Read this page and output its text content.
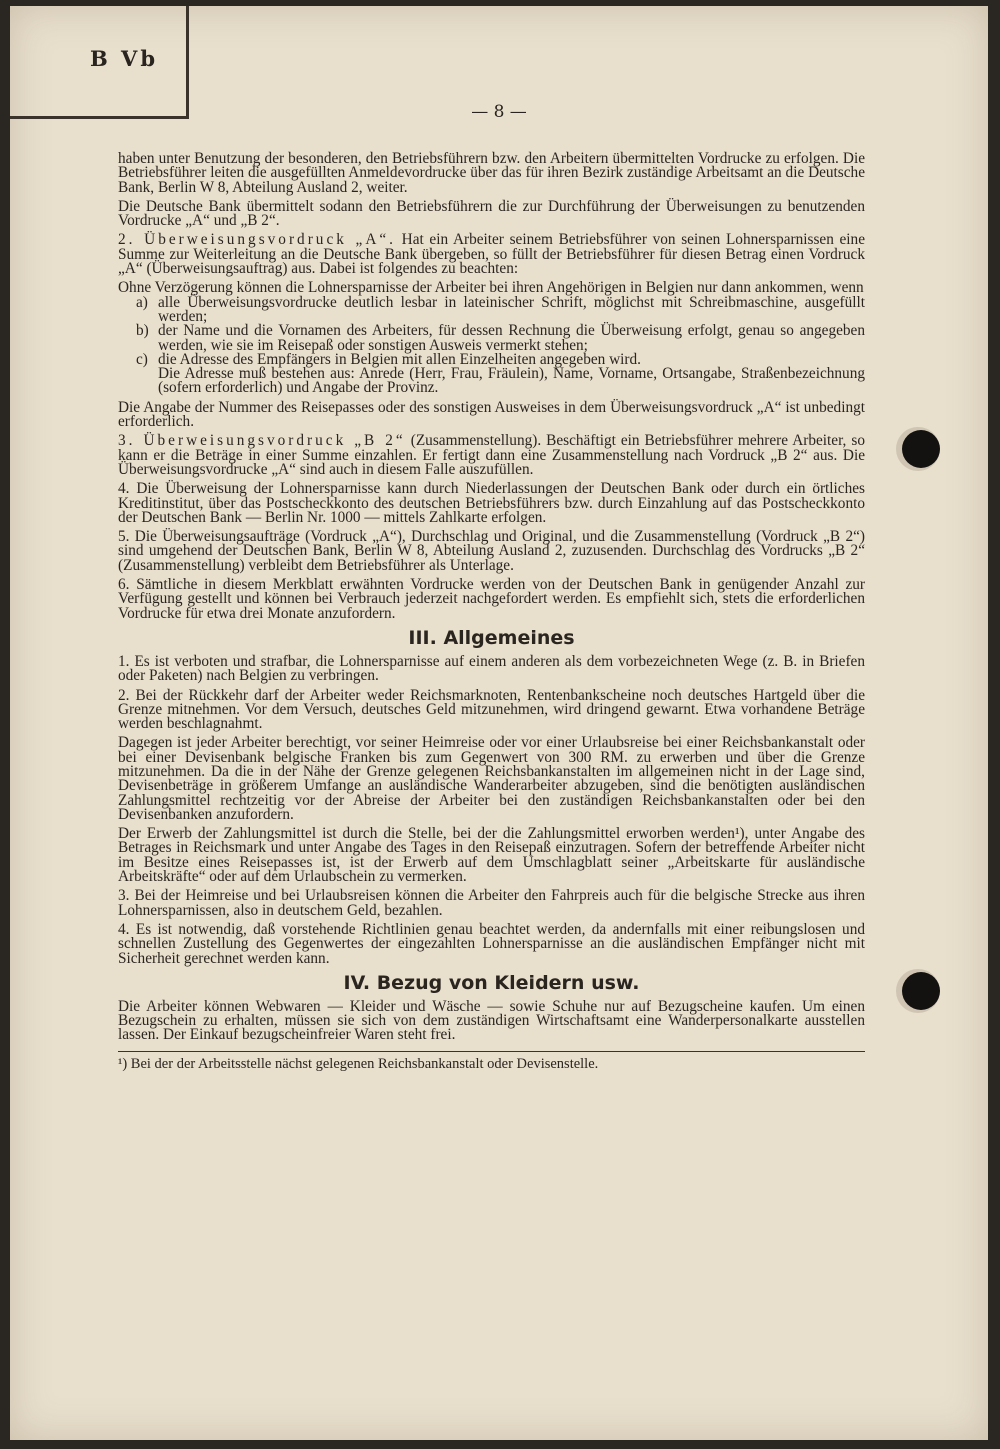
B Vb
— 8 —

haben unter Benutzung der besonderen, den Betriebsführern bzw. den Arbeitern übermittelten Vordrucke zu erfolgen. Die Betriebsführer leiten die ausgefüllten Anmeldevordrucke über das für ihren Bezirk zuständige Arbeitsamt an die Deutsche Bank, Berlin W 8, Abteilung Ausland 2, weiter.

Die Deutsche Bank übermittelt sodann den Betriebsführern die zur Durchführung der Überweisungen zu benutzenden Vordrucke „A“ und „B 2“.

2. Überweisungsvordruck „A“. Hat ein Arbeiter seinem Betriebsführer von seinen Lohnersparnissen eine Summe zur Weiterleitung an die Deutsche Bank übergeben, so füllt der Betriebsführer für diesen Betrag einen Vordruck „A“ (Überweisungsauftrag) aus. Dabei ist folgendes zu beachten:

Ohne Verzögerung können die Lohnersparnisse der Arbeiter bei ihren Angehörigen in Belgien nur dann ankommen, wenn

a) alle Überweisungsvordrucke deutlich lesbar in lateinischer Schrift, möglichst mit Schreibmaschine, ausgefüllt werden;
b) der Name und die Vornamen des Arbeiters, für dessen Rechnung die Überweisung erfolgt, genau so angegeben werden, wie sie im Reisepaß oder sonstigen Ausweis vermerkt stehen;
c) die Adresse des Empfängers in Belgien mit allen Einzelheiten angegeben wird.

Die Adresse muß bestehen aus: Anrede (Herr, Frau, Fräulein), Name, Vorname, Ortsangabe, Straßenbezeichnung (sofern erforderlich) und Angabe der Provinz.

Die Angabe der Nummer des Reisepasses oder des sonstigen Ausweises in dem Überweisungsvordruck „A“ ist unbedingt erforderlich.

3. Überweisungsvordruck „B 2“ (Zusammenstellung). Beschäftigt ein Betriebsführer mehrere Arbeiter, so kann er die Beträge in einer Summe einzahlen. Er fertigt dann eine Zusammenstellung nach Vordruck „B 2“ aus. Die Überweisungsvordrucke „A“ sind auch in diesem Falle auszufüllen.

4. Die Überweisung der Lohnersparnisse kann durch Niederlassungen der Deutschen Bank oder durch ein örtliches Kreditinstitut, über das Postscheckkonto des deutschen Betriebsführers bzw. durch Einzahlung auf das Postscheckkonto der Deutschen Bank — Berlin Nr. 1000 — mittels Zahlkarte erfolgen.

5. Die Überweisungsaufträge (Vordruck „A“), Durchschlag und Original, und die Zusammenstellung (Vordruck „B 2“) sind umgehend der Deutschen Bank, Berlin W 8, Abteilung Ausland 2, zuzusenden. Durchschlag des Vordrucks „B 2“ (Zusammenstellung) verbleibt dem Betriebsführer als Unterlage.

6. Sämtliche in diesem Merkblatt erwähnten Vordrucke werden von der Deutschen Bank in genügender Anzahl zur Verfügung gestellt und können bei Verbrauch jederzeit nachgefordert werden. Es empfiehlt sich, stets die erforderlichen Vordrucke für etwa drei Monate anzufordern.

III. Allgemeines

1. Es ist verboten und strafbar, die Lohnersparnisse auf einem anderen als dem vorbezeichneten Wege (z. B. in Briefen oder Paketen) nach Belgien zu verbringen.

2. Bei der Rückkehr darf der Arbeiter weder Reichsmarknoten, Rentenbankscheine noch deutsches Hartgeld über die Grenze mitnehmen. Vor dem Versuch, deutsches Geld mitzunehmen, wird dringend gewarnt. Etwa vorhandene Beträge werden beschlagnahmt.

Dagegen ist jeder Arbeiter berechtigt, vor seiner Heimreise oder vor einer Urlaubsreise bei einer Reichsbankanstalt oder bei einer Devisenbank belgische Franken bis zum Gegenwert von 300 RM. zu erwerben und über die Grenze mitzunehmen. Da die in der Nähe der Grenze gelegenen Reichsbankanstalten im allgemeinen nicht in der Lage sind, Devisenbeträge in größerem Umfange an ausländische Wanderarbeiter abzugeben, sind die benötigten ausländischen Zahlungsmittel rechtzeitig vor der Abreise der Arbeiter bei den zuständigen Reichsbankanstalten oder bei den Devisenbanken anzufordern.

Der Erwerb der Zahlungsmittel ist durch die Stelle, bei der die Zahlungsmittel erworben werden¹), unter Angabe des Betrages in Reichsmark und unter Angabe des Tages in den Reisepaß einzutragen. Sofern der betreffende Arbeiter nicht im Besitze eines Reisepasses ist, ist der Erwerb auf dem Umschlagblatt seiner „Arbeitskarte für ausländische Arbeitskräfte“ oder auf dem Urlaubschein zu vermerken.

3. Bei der Heimreise und bei Urlaubsreisen können die Arbeiter den Fahrpreis auch für die belgische Strecke aus ihren Lohnersparnissen, also in deutschem Geld, bezahlen.

4. Es ist notwendig, daß vorstehende Richtlinien genau beachtet werden, da andernfalls mit einer reibungslosen und schnellen Zustellung des Gegenwertes der eingezahlten Lohnersparnisse an die ausländischen Empfänger nicht mit Sicherheit gerechnet werden kann.

IV. Bezug von Kleidern usw.

Die Arbeiter können Webwaren — Kleider und Wäsche — sowie Schuhe nur auf Bezugscheine kaufen. Um einen Bezugschein zu erhalten, müssen sie sich von dem zuständigen Wirtschaftsamt eine Wanderpersonalkarte ausstellen lassen. Der Einkauf bezugscheinfreier Waren steht frei.

¹) Bei der der Arbeitsstelle nächst gelegenen Reichsbankanstalt oder Devisenstelle.
